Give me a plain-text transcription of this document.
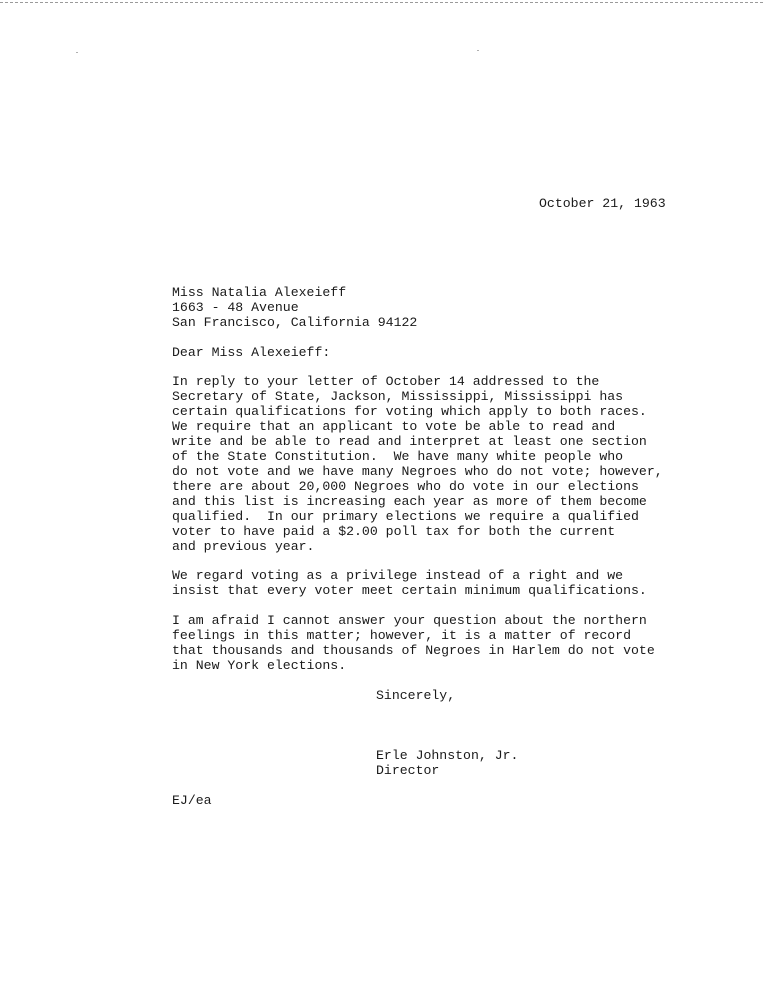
October 21, 1963
Miss Natalia Alexeieff
1663 - 48 Avenue
San Francisco, California 94122
Dear Miss Alexeieff:
In reply to your letter of October 14 addressed to the
Secretary of State, Jackson, Mississippi, Mississippi has
certain qualifications for voting which apply to both races.
We require that an applicant to vote be able to read and
write and be able to read and interpret at least one section
of the State Constitution.  We have many white people who
do not vote and we have many Negroes who do not vote; however,
there are about 20,000 Negroes who do vote in our elections
and this list is increasing each year as more of them become
qualified.  In our primary elections we require a qualified
voter to have paid a $2.00 poll tax for both the current
and previous year.
We regard voting as a privilege instead of a right and we
insist that every voter meet certain minimum qualifications.
I am afraid I cannot answer your question about the northern
feelings in this matter; however, it is a matter of record
that thousands and thousands of Negroes in Harlem do not vote
in New York elections.
Sincerely,
Erle Johnston, Jr.
Director
EJ/ea
